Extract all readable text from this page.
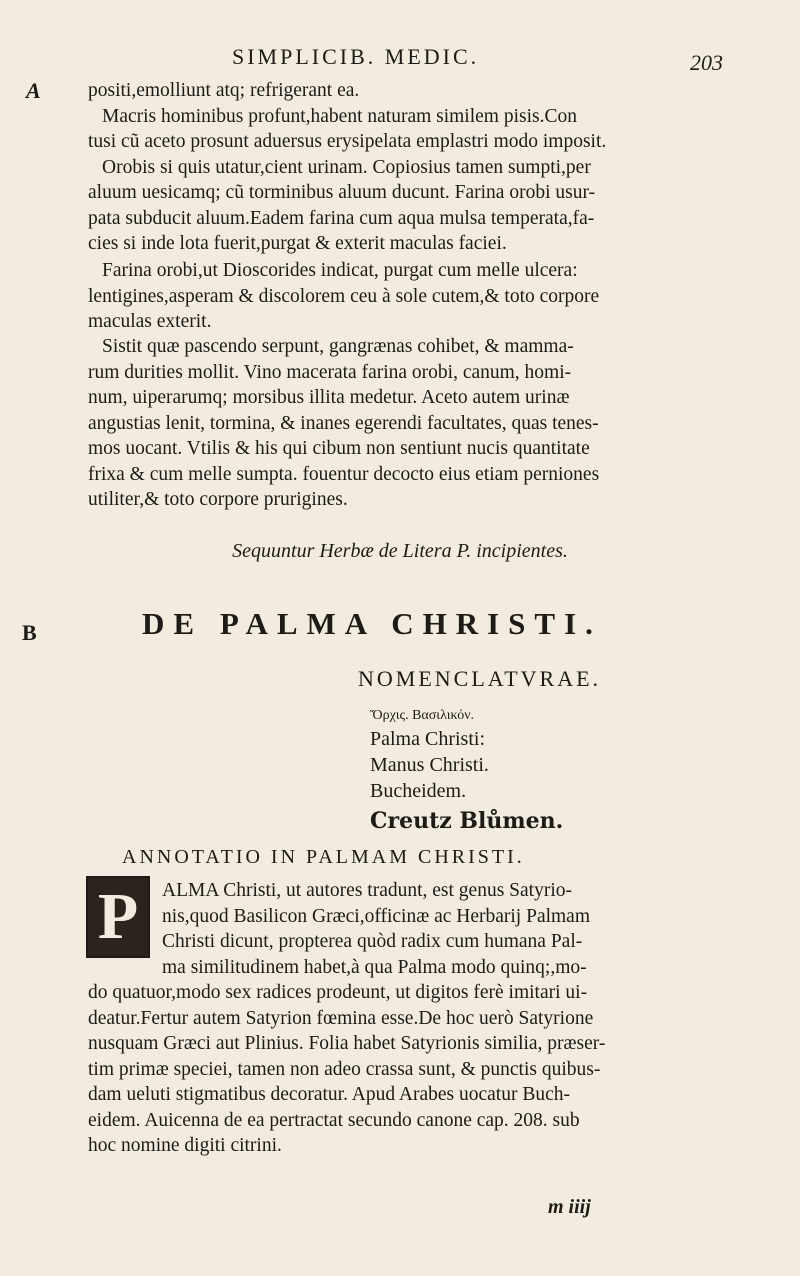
SIMPLICIB. MEDIC.	203
A
B
positi,emolliunt atq; refrigerant ea.
Macris hominibus profunt,habent naturam similem pisis.Con
tusi cũ aceto prosunt aduersus erysipelata emplastri modo imposit.
Orobis si quis utatur,cient urinam. Copiosius tamen sumpti,per
aluum uesicamq; cũ torminibus aluum ducunt. Farina orobi usur-
pata subducit aluum.Eadem farina cum aqua mulsa temperata,fa-
cies si inde lota fuerit,purgat & exterit maculas faciei.
Farina orobi,ut Dioscorides indicat, purgat cum melle ulcera:
lentigines,asperam & discolorem ceu à sole cutem,& toto corpore
maculas exterit.
Sistit quæ pascendo serpunt, gangrænas cohibet, & mamma-
rum durities mollit. Vino macerata farina orobi, canum, homi-
num, uiperarumq; morsibus illita medetur. Aceto autem urinæ
angustias lenit, tormina, & inanes egerendi facultates, quas tenes-
mos uocant. Vtilis & his qui cibum non sentiunt nucis quantitate
frixa & cum melle sumpta. fouentur decocto eius etiam perniones
utiliter,& toto corpore prurigines.
Sequuntur Herbæ de Litera P. incipientes.
DE PALMA CHRISTI.
NOMENCLATVRAE.
Ὄρχις. Βασιλικόν.
Palma Christi:
Manus Christi.
Bucheidem.
Creutz Blůmen.
ANNOTATIO IN PALMAM CHRISTI.
P ALMA Christi, ut autores tradunt, est genus Satyrio-
nis,quod Basilicon Græci,officinæ ac Herbarij Palmam
Christi dicunt, propterea quòd radix cum humana Pal-
ma similitudinem habet,à qua Palma modo quinq;,mo-
do quatuor,modo sex radices prodeunt, ut digitos ferè imitari ui-
deatur.Fertur autem Satyrion fœmina esse.De hoc uerò Satyrione
nusquam Græci aut Plinius. Folia habet Satyrionis similia, præser-
tim primæ speciei, tamen non adeo crassa sunt, & punctis quibus-
dam ueluti stigmatibus decoratur. Apud Arabes uocatur Buch-
eidem. Auicenna de ea pertractat secundo canone cap. 208. sub
hoc nomine digiti citrini.
m iiij
